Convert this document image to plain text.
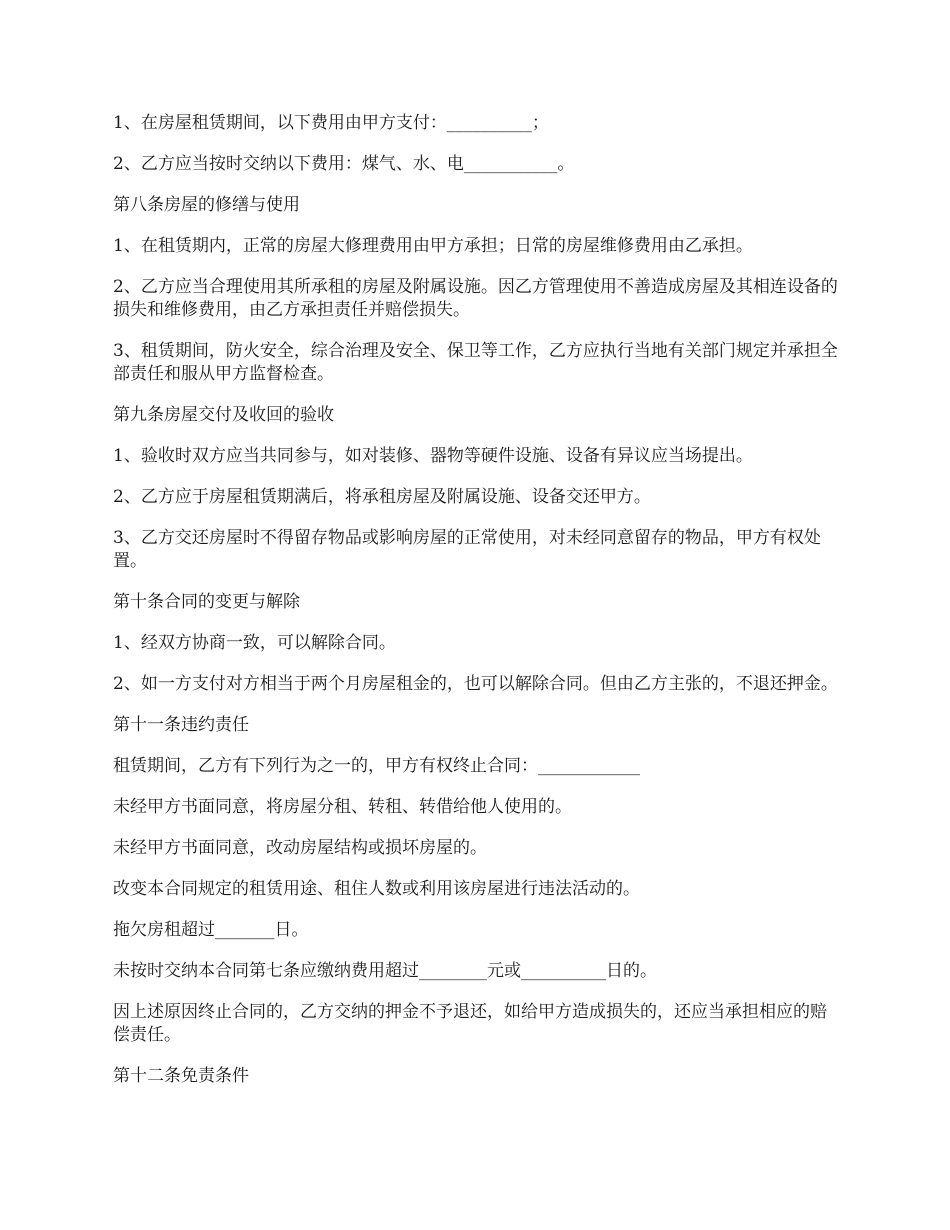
1、在房屋租赁期间，以下费用由甲方支付：__________；

2、乙方应当按时交纳以下费用：煤气、水、电___________。

第八条房屋的修缮与使用

1、在租赁期内，正常的房屋大修理费用由甲方承担；日常的房屋维修费用由乙承担。

2、乙方应当合理使用其所承租的房屋及附属设施。因乙方管理使用不善造成房屋及其相连设备的损失和维修费用，由乙方承担责任并赔偿损失。

3、租赁期间，防火安全，综合治理及安全、保卫等工作，乙方应执行当地有关部门规定并承担全部责任和服从甲方监督检查。

第九条房屋交付及收回的验收

1、验收时双方应当共同参与，如对装修、器物等硬件设施、设备有异议应当场提出。

2、乙方应于房屋租赁期满后，将承租房屋及附属设施、设备交还甲方。

3、乙方交还房屋时不得留存物品或影响房屋的正常使用，对未经同意留存的物品，甲方有权处置。

第十条合同的变更与解除

1、经双方协商一致，可以解除合同。

2、如一方支付对方相当于两个月房屋租金的，也可以解除合同。但由乙方主张的，不退还押金。

第十一条违约责任

租赁期间，乙方有下列行为之一的，甲方有权终止合同：____________

未经甲方书面同意，将房屋分租、转租、转借给他人使用的。

未经甲方书面同意，改动房屋结构或损坏房屋的。

改变本合同规定的租赁用途、租住人数或利用该房屋进行违法活动的。

拖欠房租超过_______日。

未按时交纳本合同第七条应缴纳费用超过________元或__________日的。

因上述原因终止合同的，乙方交纳的押金不予退还，如给甲方造成损失的，还应当承担相应的赔偿责任。

第十二条免责条件
